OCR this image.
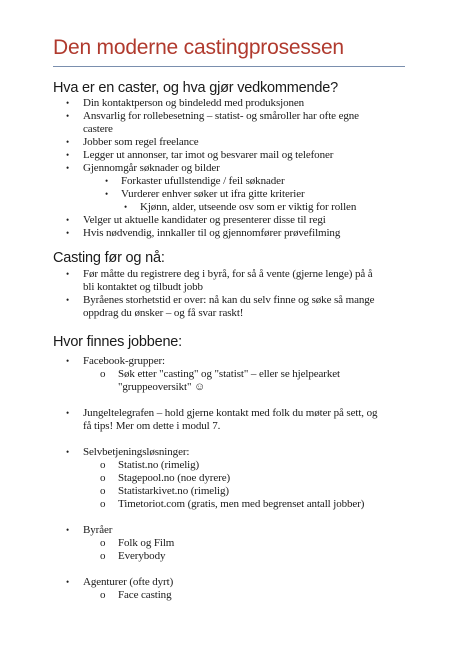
Den moderne castingprosessen
Hva er en caster, og hva gjør vedkommende?
• Din kontaktperson og bindeledd med produksjonen
• Ansvarlig for rollebesetning – statist- og småroller har ofte egne
castere
• Jobber som regel freelance
• Legger ut annonser, tar imot og besvarer mail og telefoner
• Gjennomgår søknader og bilder
• Forkaster ufullstendige / feil søknader
• Vurderer enhver søker ut ifra gitte kriterier
• Kjønn, alder, utseende osv som er viktig for rollen
• Velger ut aktuelle kandidater og presenterer disse til regi
• Hvis nødvendig, innkaller til og gjennomfører prøvefilming
Casting før og nå:
• Før måtte du registrere deg i byrå, for så å vente (gjerne lenge) på å
bli kontaktet og tilbudt jobb
• Byråenes storhetstid er over: nå kan du selv finne og søke så mange
oppdrag du ønsker – og få svar raskt!
Hvor finnes jobbene:
• Facebook-grupper:
o Søk etter "casting" og "statist" – eller se hjelpearket
"gruppeoversikt" ☺
• Jungeltelegrafen – hold gjerne kontakt med folk du møter på sett, og
få tips! Mer om dette i modul 7.
• Selvbetjeningsløsninger:
o Statist.no (rimelig)
o Stagepool.no (noe dyrere)
o Statistarkivet.no (rimelig)
o Timetoriot.com (gratis, men med begrenset antall jobber)
• Byråer
o Folk og Film
o Everybody
• Agenturer (ofte dyrt)
o Face casting
